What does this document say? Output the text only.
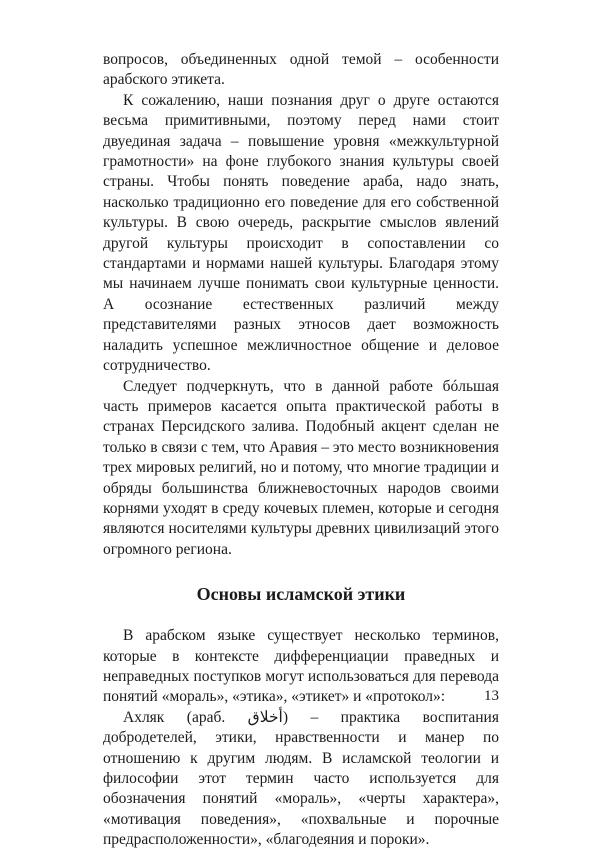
вопросов, объединенных одной темой – особенности арабского этикета.

К сожалению, наши познания друг о друге остаются весьма примитивными, поэтому перед нами стоит двуединая задача – повышение уровня «межкультурной грамотности» на фоне глубокого знания культуры своей страны. Чтобы понять поведение араба, надо знать, насколько традиционно его поведение для его собственной культуры. В свою очередь, раскрытие смыслов явлений другой культуры происходит в сопоставлении со стандартами и нормами нашей культуры. Благодаря этому мы начинаем лучше понимать свои культурные ценности. А осознание естественных различий между представителями разных этносов дает возможность наладить успешное межличностное общение и деловое сотрудничество.

Следует подчеркнуть, что в данной работе бóльшая часть примеров касается опыта практической работы в странах Персидского залива. Подобный акцент сделан не только в связи с тем, что Аравия – это место возникновения трех мировых религий, но и потому, что многие традиции и обряды большинства ближневосточных народов своими корнями уходят в среду кочевых племен, которые и сегодня являются носителями культуры древних цивилизаций этого огромного региона.

Основы исламской этики

В арабском языке существует несколько терминов, которые в контексте дифференциации праведных и неправедных поступков могут использоваться для перевода понятий «мораль», «этика», «этикет» и «протокол»:

Ахляк (араб. أخلاق) – практика воспитания добродетелей, этики, нравственности и манер по отношению к другим людям. В исламской теологии и философии этот термин часто используется для обозначения понятий «мораль», «черты характера», «мотивация поведения», «похвальные и порочные предрасположенности», «благодеяния и пороки».

13
